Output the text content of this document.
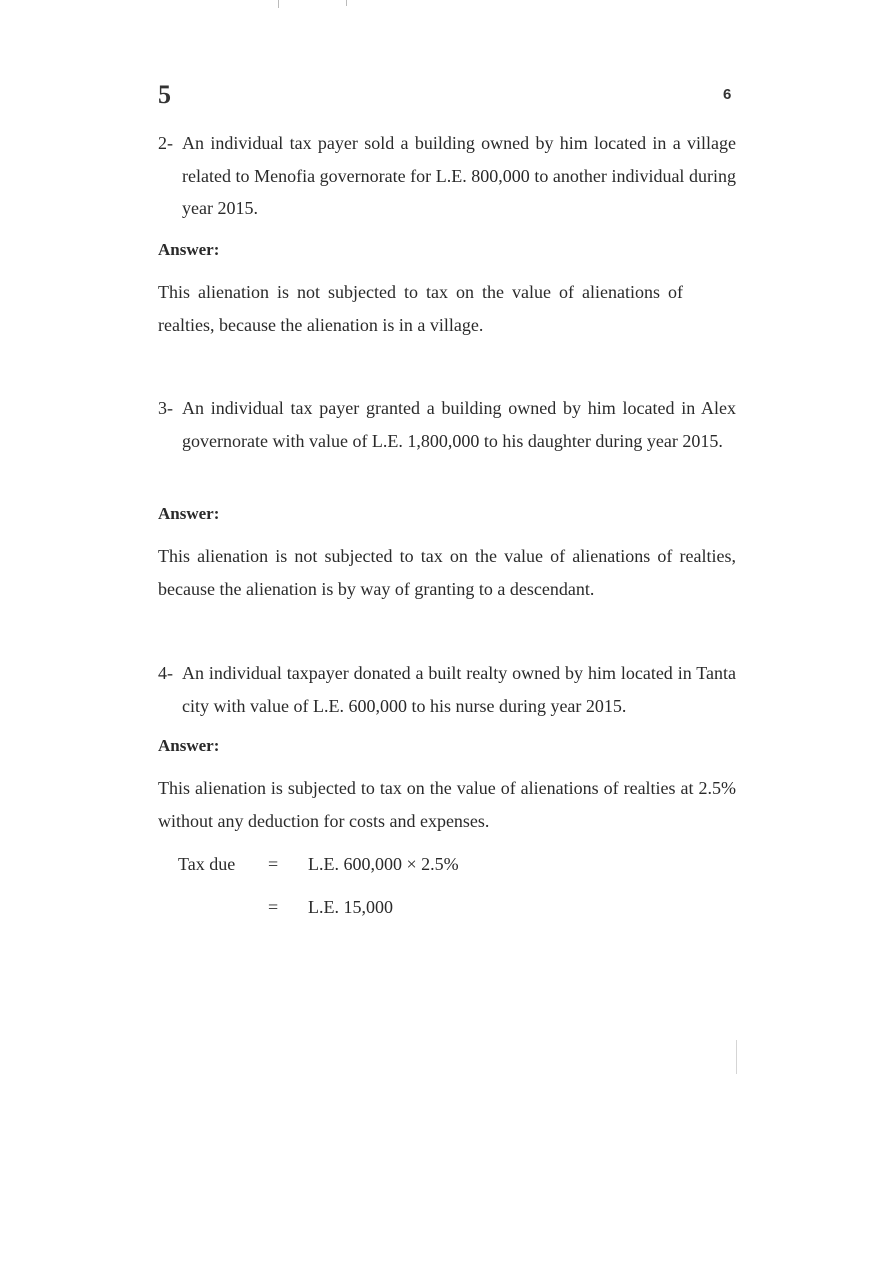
5	6
2- An individual tax payer sold a building owned by him located in a village related to Menofia governorate for L.E. 800,000 to another individual during year 2015.
Answer:
This alienation is not subjected to tax on the value of alienations of realties, because the alienation is in a village.
3- An individual tax payer granted a building owned by him located in Alex governorate with value of L.E. 1,800,000 to his daughter during year 2015.
Answer:
This alienation is not subjected to tax on the value of alienations of realties, because the alienation is by way of granting to a descendant.
4- An individual taxpayer donated a built realty owned by him located in Tanta city with value of L.E. 600,000 to his nurse during year 2015.
Answer:
This alienation is subjected to tax on the value of alienations of realties at 2.5% without any deduction for costs and expenses.
Tax due	= L.E. 600,000 × 2.5%
= L.E. 15,000
